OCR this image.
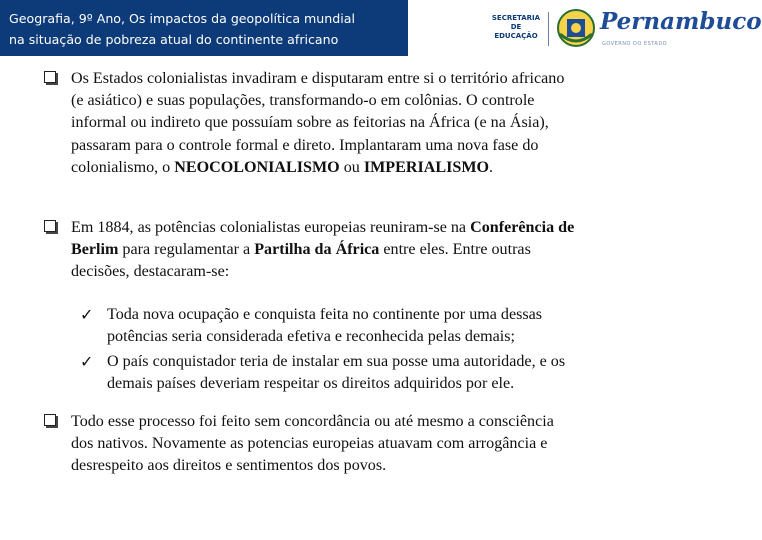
Geografia, 9º Ano, Os impactos da geopolítica mundial
na situação de pobreza atual do continente africano
SECRETARIA DE EDUCAÇÃO
Pernambuco
GOVERNO DO ESTADO
Os Estados colonialistas invadiram e disputaram entre si o território africano
(e asiático) e suas populações, transformando-o em colônias. O controle
informal ou indireto que possuíam sobre as feitorias na África (e na Ásia),
passaram para o controle formal e direto. Implantaram uma nova fase do
colonialismo, o NEOCOLONIALISMO ou IMPERIALISMO.
Em 1884, as potências colonialistas europeias reuniram-se na Conferência de
Berlim para regulamentar a Partilha da África entre eles. Entre outras
decisões, destacaram-se:
✓ Toda nova ocupação e conquista feita no continente por uma dessas
potências seria considerada efetiva e reconhecida pelas demais;
✓ O país conquistador teria de instalar em sua posse uma autoridade, e os
demais países deveriam respeitar os direitos adquiridos por ele.
Todo esse processo foi feito sem concordância ou até mesmo a consciência
dos nativos. Novamente as potencias europeias atuavam com arrogância e
desrespeito aos direitos e sentimentos dos povos.
